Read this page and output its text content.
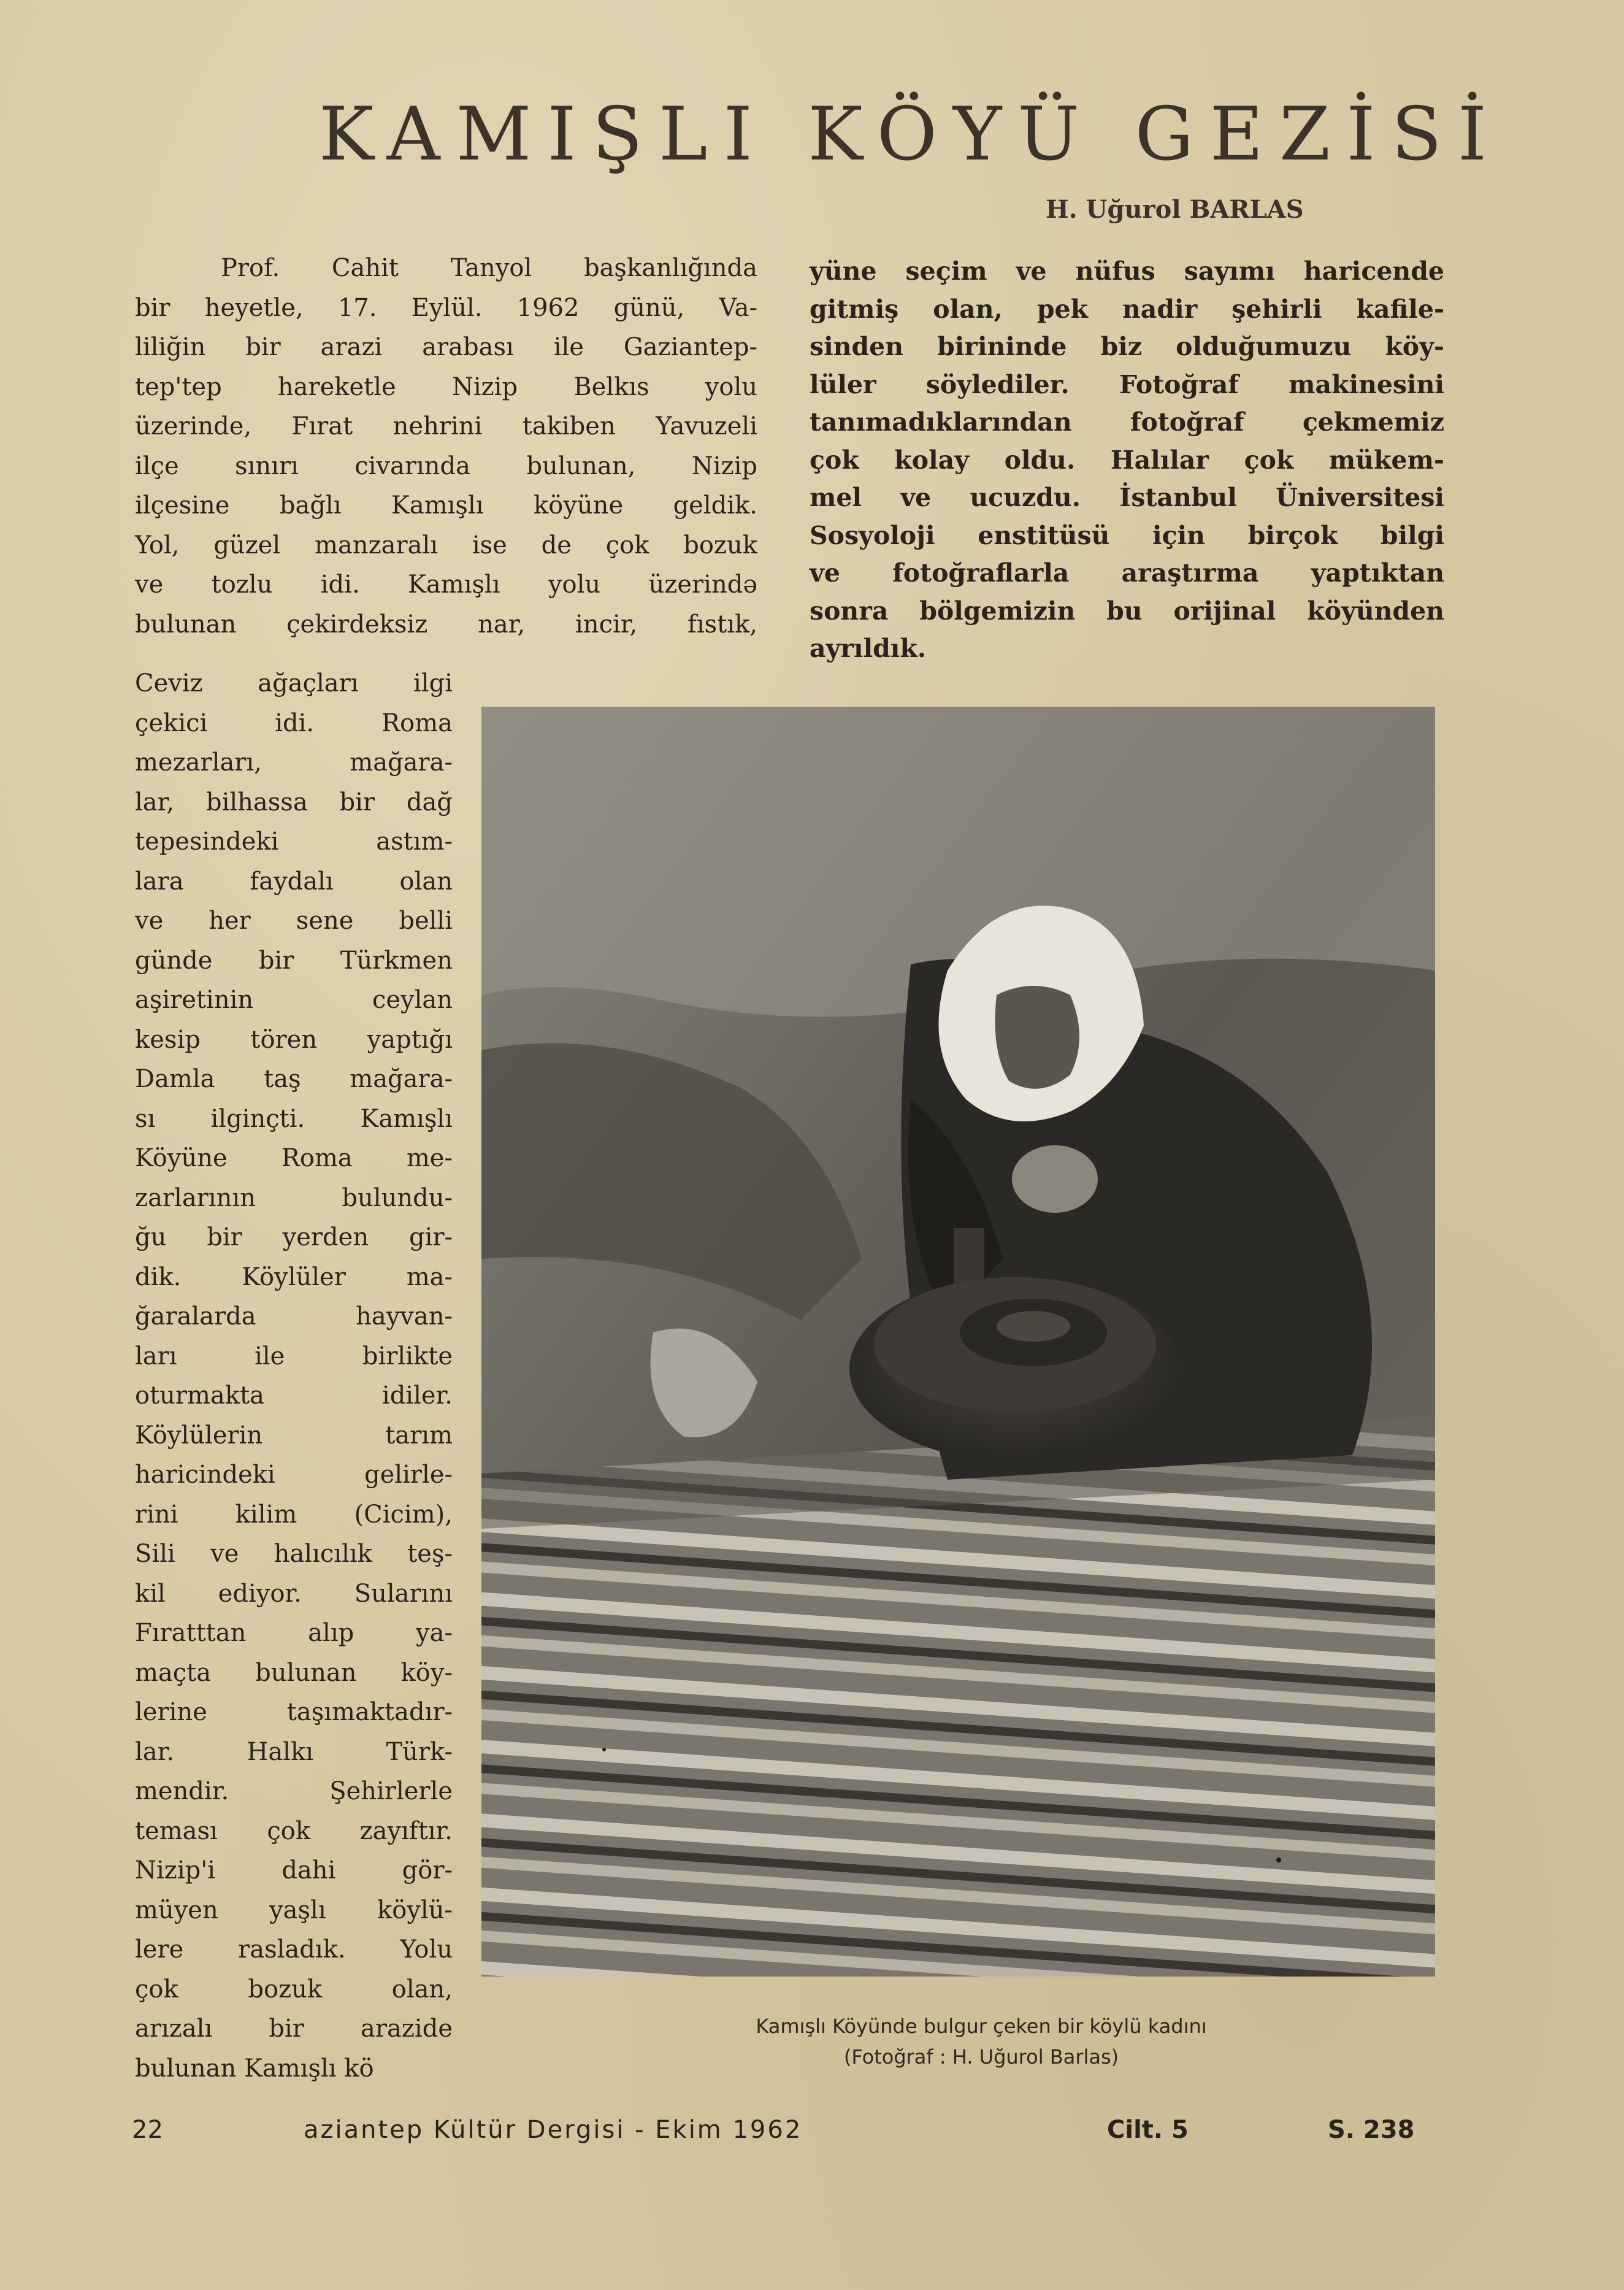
KAMIŞLI KÖYÜ GEZİSİ
H. Uğurol BARLAS
Prof. Cahit Tanyol başkanlığında
bir heyetle, 17. Eylül. 1962 günü, Va-
liliğin bir arazi arabası ile Gaziantep-
tep'tep hareketle Nizip Belkıs yolu
üzerinde, Fırat nehrini takiben Yavuzeli
ilçe sınırı civarında bulunan, Nizip
ilçesine bağlı Kamışlı köyüne geldik.
Yol, güzel manzaralı ise de çok bozuk
ve tozlu idi. Kamışlı yolu üzerində
bulunan çekirdeksiz nar, incir, fıstık,
Ceviz ağaçları ilgi
çekici idi. Roma
mezarları, mağara-
lar, bilhassa bir dağ
tepesindeki astım-
lara faydalı olan
ve her sene belli
günde bir Türkmen
aşiretinin ceylan
kesip tören yaptığı
Damla taş mağara-
sı ilginçti. Kamışlı
Köyüne Roma me-
zarlarının bulundu-
ğu bir yerden gir-
dik. Köylüler ma-
ğaralarda hayvan-
ları ile birlikte
oturmakta idiler.
Köylülerin tarım
haricindeki gelirle-
rini kilim (Cicim),
Sili ve halıcılık teş-
kil ediyor. Sularını
Fıratttan alıp ya-
maçta bulunan köy-
lerine taşımaktadır-
lar. Halkı Türk-
mendir. Şehirlerle
teması çok zayıftır.
Nizip'i dahi gör-
müyen yaşlı köylü-
lere rasladık. Yolu
çok bozuk olan,
arızalı bir arazide
bulunan Kamışlı kö
yüne seçim ve nüfus sayımı haricende
gitmiş olan, pek nadir şehirli kafile-
sinden birininde biz olduğumuzu köy-
lüler söylediler. Fotoğraf makinesini
tanımadıklarından fotoğraf çekmemiz
çok kolay oldu. Halılar çok mükem-
mel ve ucuzdu. İstanbul Üniversitesi
Sosyoloji enstitüsü için birçok bilgi
ve fotoğraflarla araştırma yaptıktan
sonra bölgemizin bu orijinal köyünden
ayrıldık.
Kamışlı Köyünde bulgur çeken bir köylü kadını
(Fotoğraf : H. Uğurol Barlas)
22	aziantep Kültür Dergisi - Ekim 1962	Cilt. 5	S. 238
